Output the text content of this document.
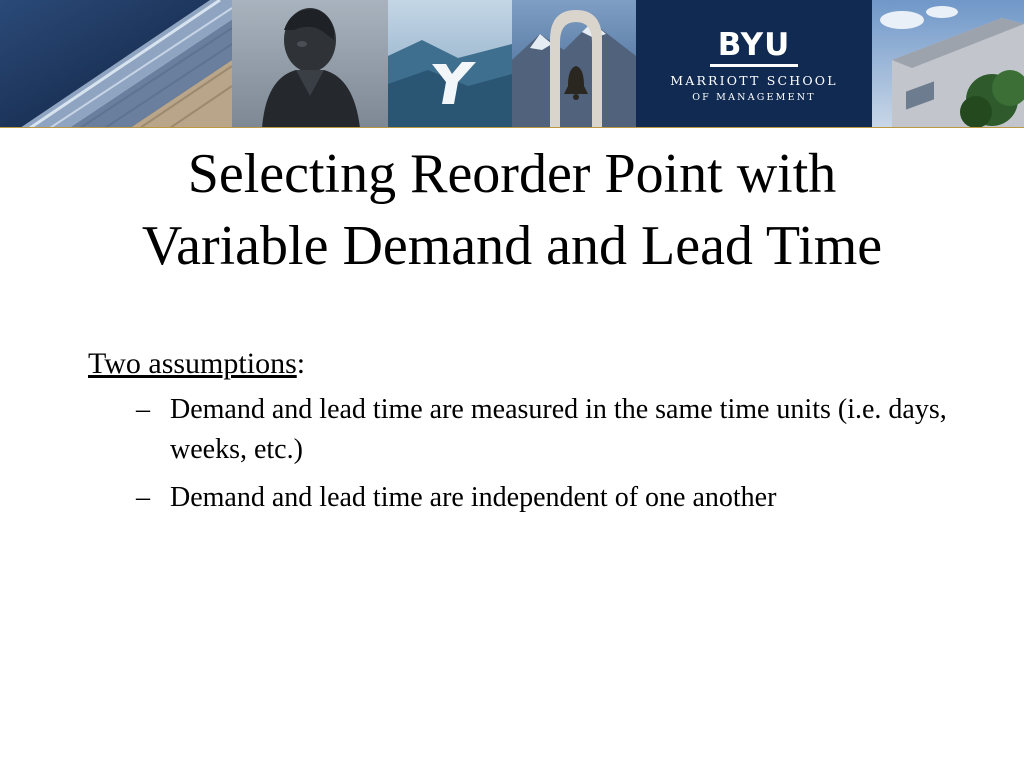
BYU
MARRIOTT SCHOOL
OF MANAGEMENT
Selecting Reorder Point with
Variable Demand and Lead Time

Two assumptions:

– Demand and lead time are measured in the same time units (i.e. days, weeks, etc.)
– Demand and lead time are independent of one another
